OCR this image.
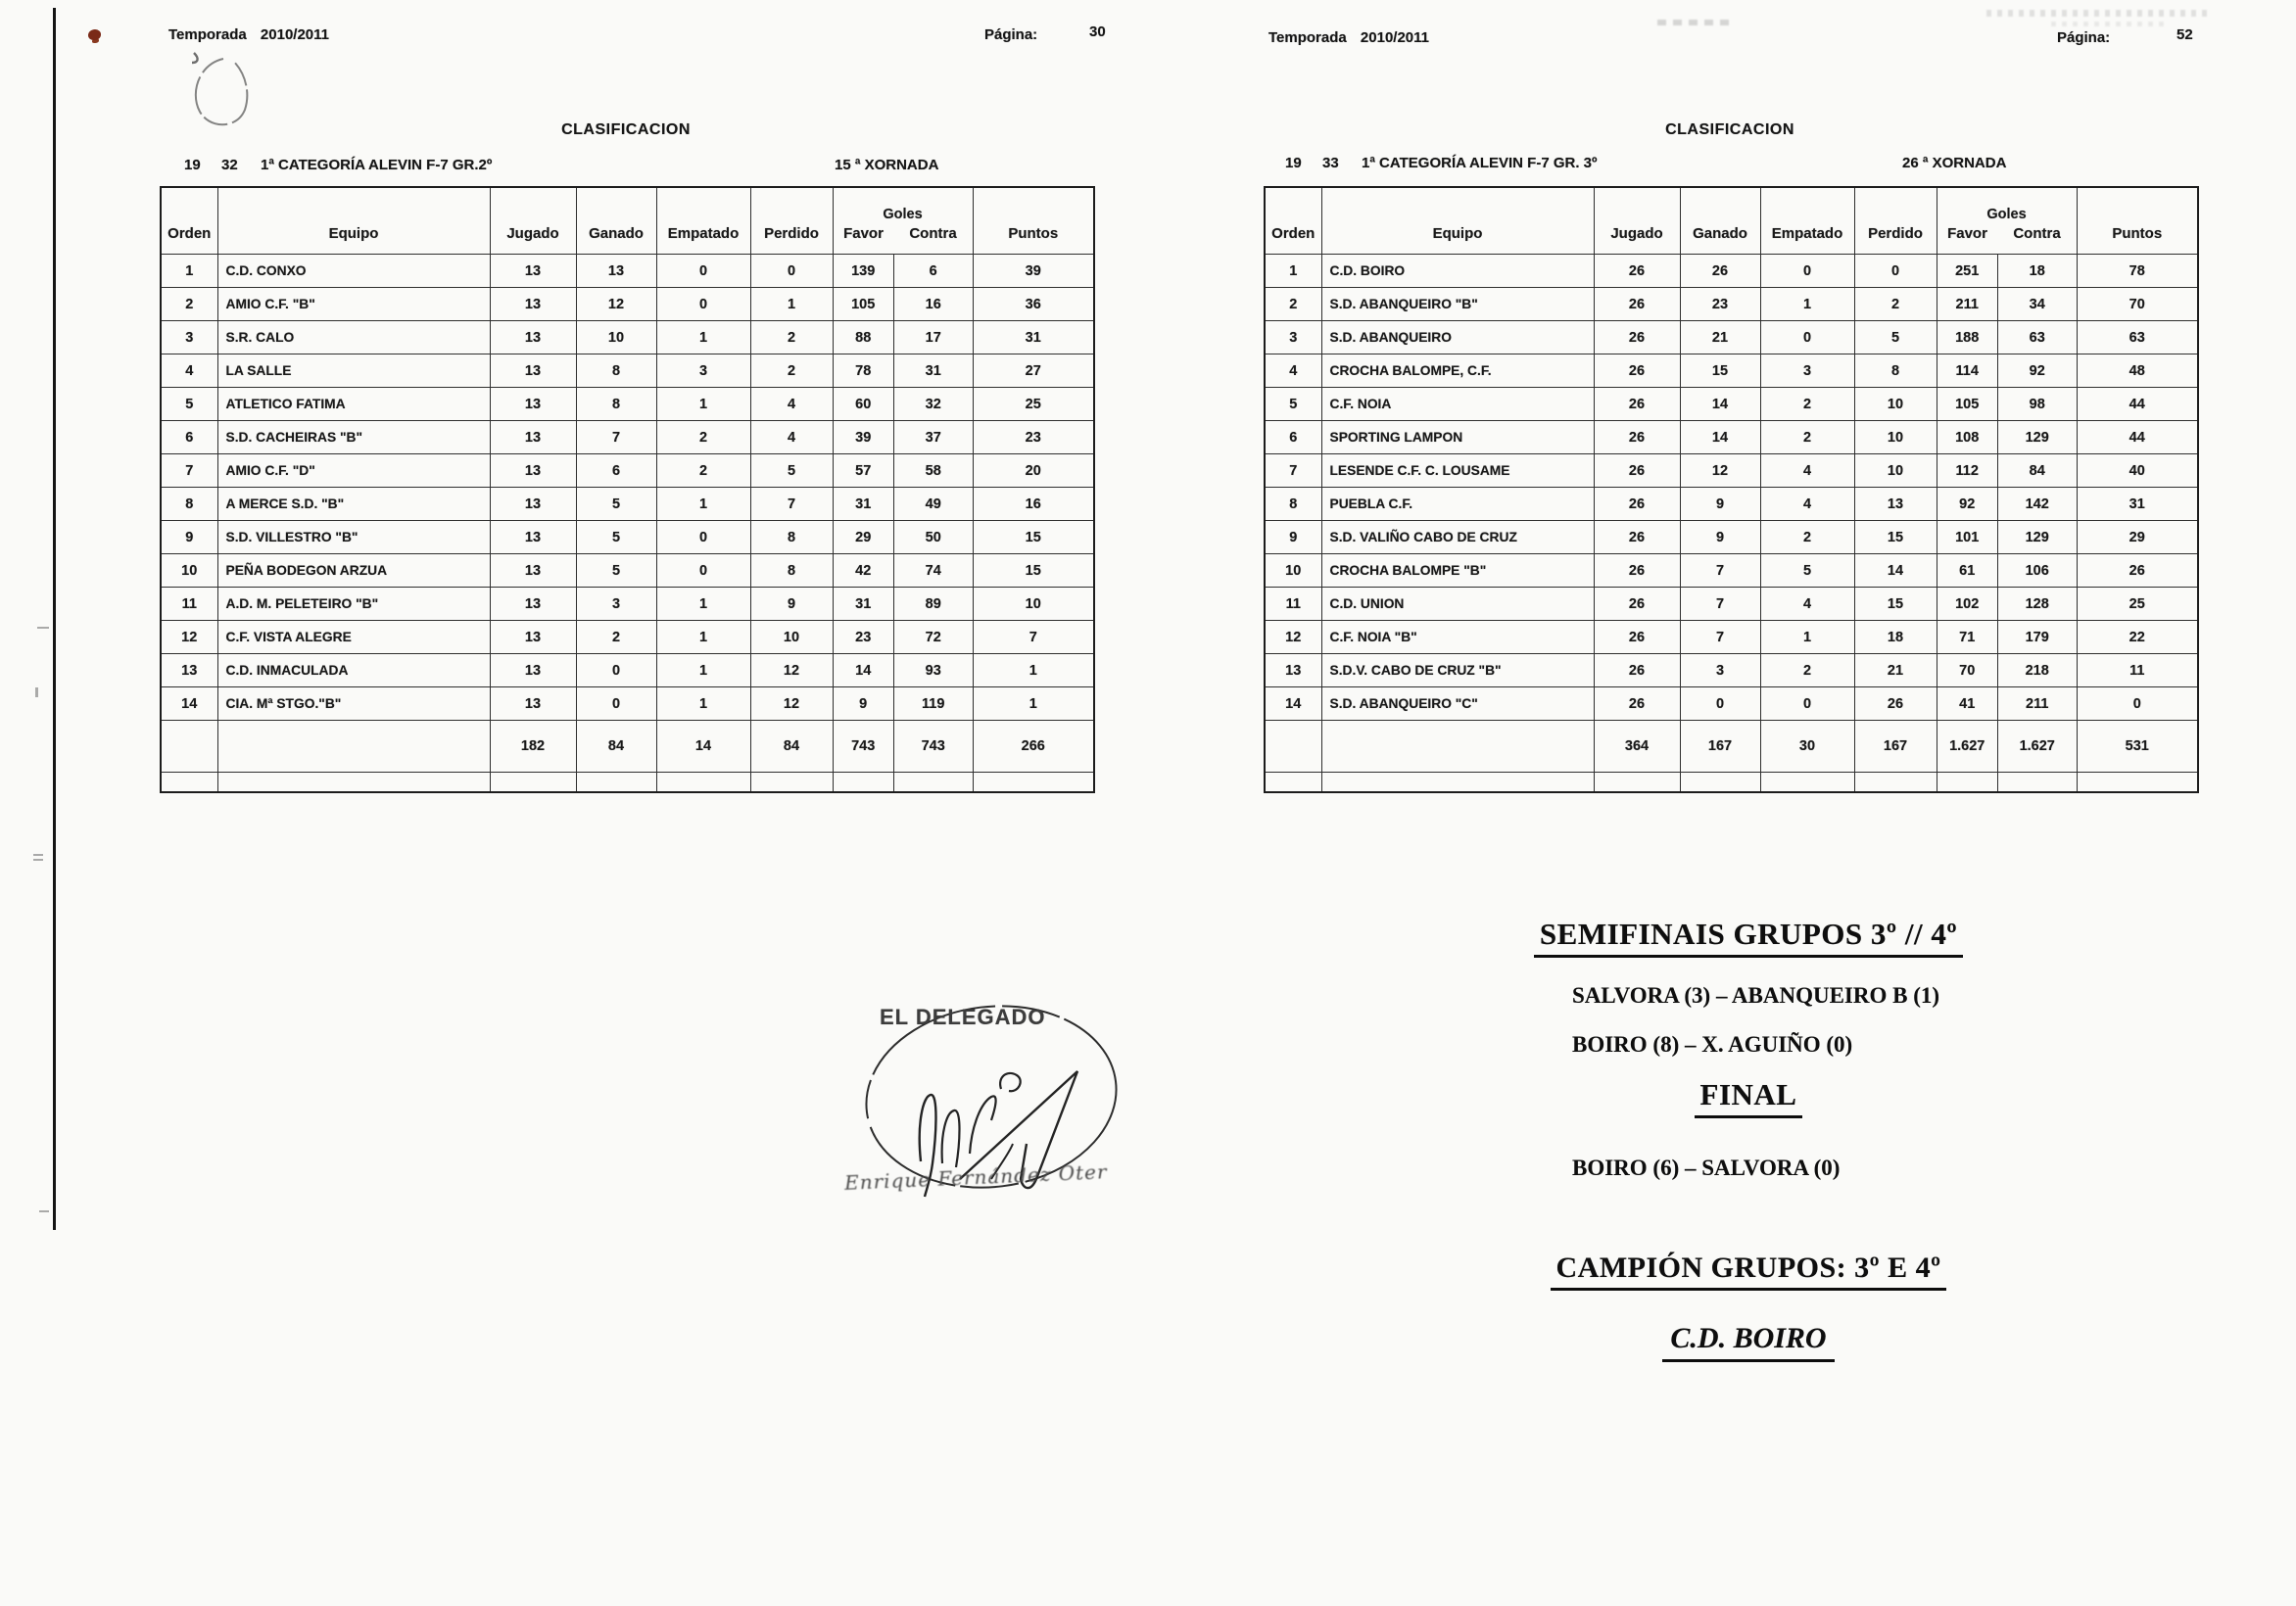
Temporada 2010/2011	Página:	30
CLASIFICACION
19 32 1ª CATEGORÍA ALEVIN F-7 GR.2º	15 ª XORNADA
Orden	Equipo	Jugado	Ganado	Empatado	Perdido	Goles
Favor Contra		Puntos
1	C.D. CONXO	13	13	0	0	139	6	39
2	AMIO C.F. "B"	13	12	0	1	105	16	36
3	S.R. CALO	13	10	1	2	88	17	31
4	LA SALLE	13	8	3	2	78	31	27
5	ATLETICO FATIMA	13	8	1	4	60	32	25
6	S.D. CACHEIRAS "B"	13	7	2	4	39	37	23
7	AMIO C.F. "D"	13	6	2	5	57	58	20
8	A MERCE S.D. "B"	13	5	1	7	31	49	16
9	S.D. VILLESTRO "B"	13	5	0	8	29	50	15
10	PEÑA BODEGON ARZUA	13	5	0	8	42	74	15
11	A.D. M. PELETEIRO "B"	13	3	1	9	31	89	10
12	C.F. VISTA ALEGRE	13	2	1	10	23	72	7
13	C.D. INMACULADA	13	0	1	12	14	93	1
14	CIA. Mª STGO."B"	13	0	1	12	9	119	1
		182	84	14	84	743	743	266

EL DELEGADO
Enrique Fernández Oter
Temporada 2010/2011	Página:	52
CLASIFICACION
19 33 1ª CATEGORÍA ALEVIN F-7 GR. 3º	26 ª XORNADA
Orden	Equipo	Jugado	Ganado	Empatado	Perdido	Goles
Favor Contra		Puntos
1	C.D. BOIRO	26	26	0	0	251	18	78
2	S.D. ABANQUEIRO "B"	26	23	1	2	211	34	70
3	S.D. ABANQUEIRO	26	21	0	5	188	63	63
4	CROCHA BALOMPE, C.F.	26	15	3	8	114	92	48
5	C.F. NOIA	26	14	2	10	105	98	44
6	SPORTING LAMPON	26	14	2	10	108	129	44
7	LESENDE C.F. C. LOUSAME	26	12	4	10	112	84	40
8	PUEBLA C.F.	26	9	4	13	92	142	31
9	S.D. VALIÑO CABO DE CRUZ	26	9	2	15	101	129	29
10	CROCHA BALOMPE "B"	26	7	5	14	61	106	26
11	C.D. UNION	26	7	4	15	102	128	25
12	C.F. NOIA "B"	26	7	1	18	71	179	22
13	S.D.V. CABO DE CRUZ "B"	26	3	2	21	70	218	11
14	S.D. ABANQUEIRO "C"	26	0	0	26	41	211	0
		364	167	30	167	1.627	1.627	531

SEMIFINAIS GRUPOS 3º // 4º
SALVORA (3) – ABANQUEIRO B (1)
BOIRO (8) – X. AGUIÑO (0)
FINAL
BOIRO (6) – SALVORA (0)
CAMPIÓN GRUPOS: 3º E 4º
C.D. BOIRO
